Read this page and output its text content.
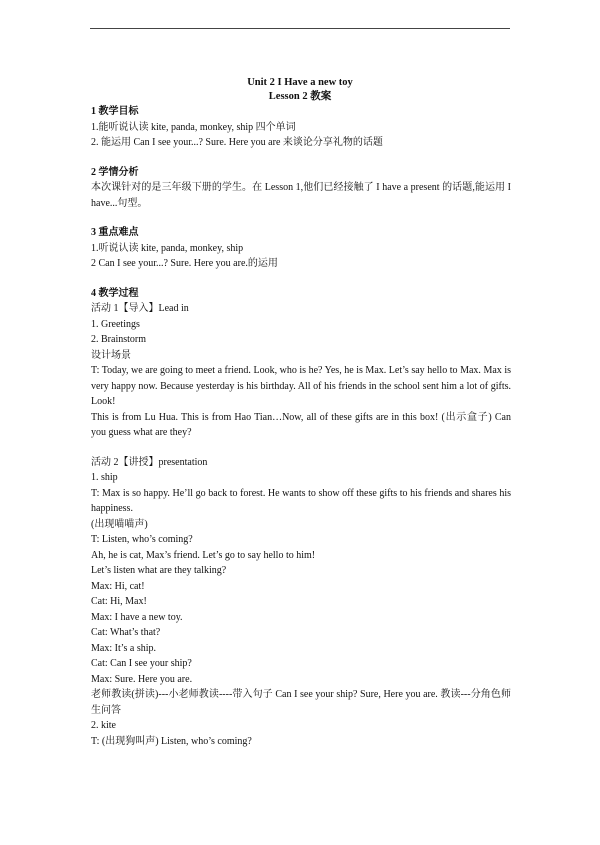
Unit 2 I Have a new toy
Lesson 2 教案
1 教学目标
1.能听说认读 kite, panda, monkey, ship 四个单词
2. 能运用 Can I see your...? Sure. Here you are 来谈论分享礼物的话题
2 学情分析
本次课针对的是三年级下册的学生。在 Lesson 1,他们已经接触了 I have a present 的话题,能运用 I have...句型。
3 重点难点
1.听说认读 kite, panda, monkey, ship
2 Can I see your...? Sure. Here you are.的运用
4 教学过程
活动 1【导入】Lead in
1. Greetings
2. Brainstorm
设计场景
T: Today, we are going to meet a friend. Look, who is he? Yes, he is Max. Let’s say hello to Max. Max is very happy now. Because yesterday is his birthday. All of his friends in the school sent him a lot of gifts. Look!
This is from Lu Hua. This is from Hao Tian…Now, all of these gifts are in this box! (出示盒子) Can you guess what are they?
活动 2【讲授】presentation
1. ship
T: Max is so happy. He’ll go back to forest. He wants to show off these gifts to his friends and shares his happiness.
(出现喵喵声)
T: Listen, who’s coming?
Ah, he is cat, Max’s friend. Let’s go to say hello to him!
Let’s listen what are they talking?
Max: Hi, cat!
Cat: Hi, Max!
Max: I have a new toy.
Cat: What’s that?
Max: It’s a ship.
Cat: Can I see your ship?
Max: Sure. Here you are.
老师教读(拼读)---小老师教读----带入句子 Can I see your ship? Sure, Here you are. 教读---分角色师生问答
2. kite
T: (出现狗叫声) Listen, who’s coming?
